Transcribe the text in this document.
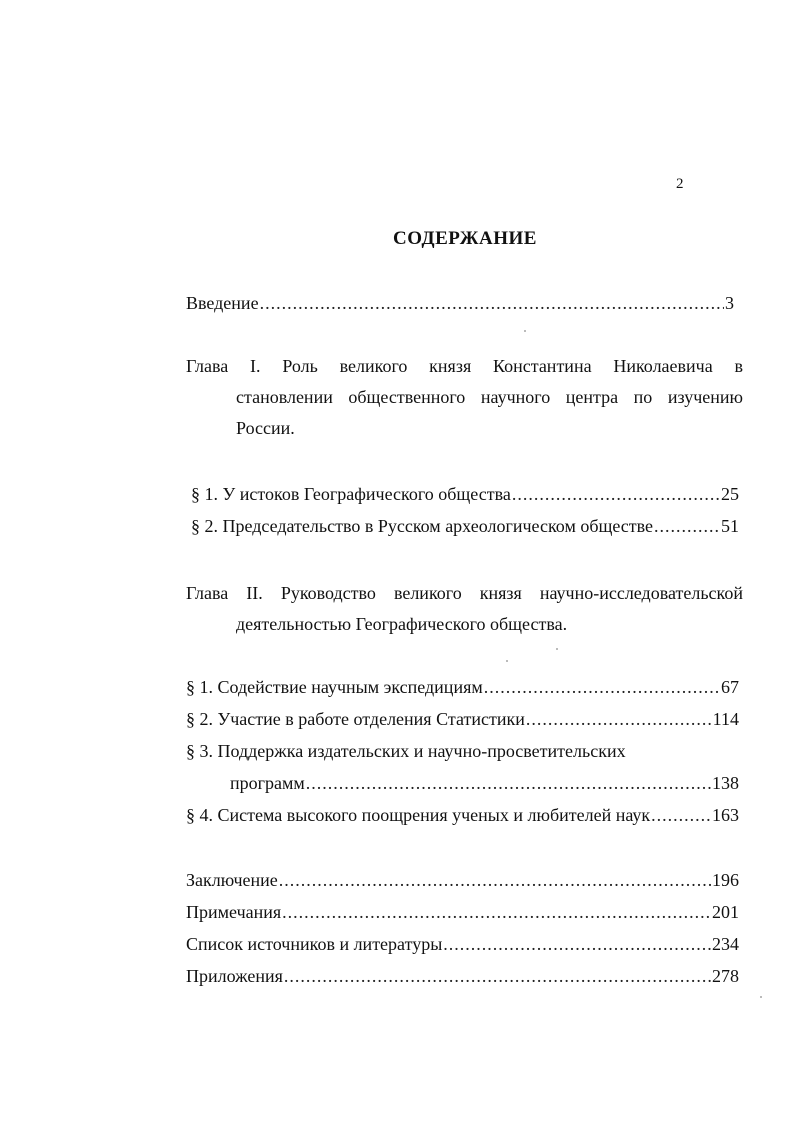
2
СОДЕРЖАНИЕ
Введение .....	3
Глава I. Роль великого князя Константина Николаевича в
становлении общественного научного центра по изучению
России.
§ 1. У истоков Географического общества .....	25
§ 2. Председательство в Русском археологическом обществе .....	51
Глава II. Руководство великого князя научно-исследовательской
деятельностью Географического общества.
§ 1. Содействие научным экспедициям .....	67
§ 2. Участие в работе отделения Статистики .....	114
§ 3. Поддержка издательских и научно-просветительских
программ .....	138
§ 4. Система высокого поощрения ученых и любителей наук .....	163
Заключение .....	196
Примечания .....	201
Список источников и литературы .....	234
Приложения .....	278
